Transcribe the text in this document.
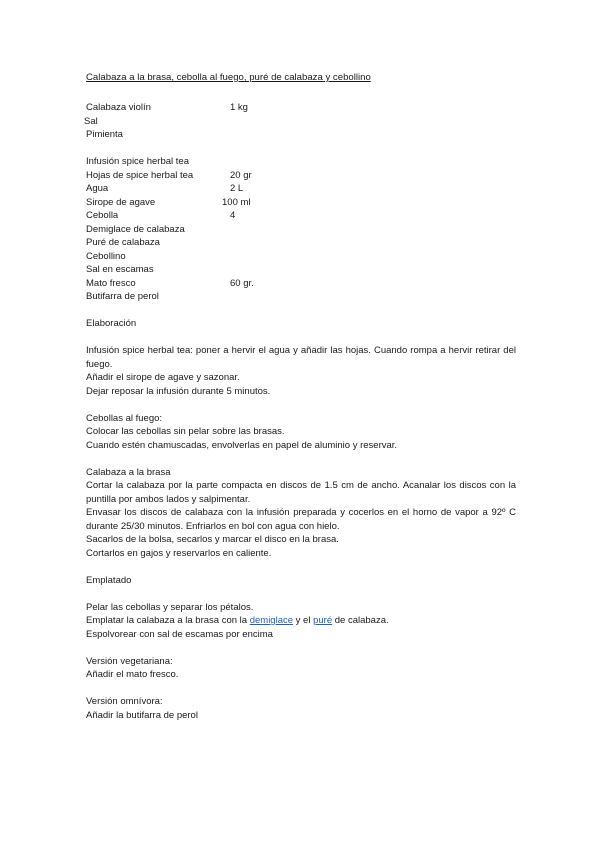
Calabaza a la brasa, cebolla al fuego, puré de calabaza y cebollino
Calabaza violín	1 kg
Sal
Pimienta
Infusión spice herbal tea
Hojas de spice herbal tea	20 gr
Agua	2 L
Sirope de agave	100 ml
Cebolla	4
Demiglace de calabaza
Puré de calabaza
Cebollino
Sal en escamas
Mato fresco	60 gr.
Butifarra de perol
Elaboración
Infusión spice herbal tea: poner a hervir el agua y añadir las hojas. Cuando rompa a hervir retirar del fuego.
Añadir el sirope de agave y sazonar.
Dejar reposar la infusión durante 5 minutos.
Cebollas al fuego:
Colocar las cebollas sin pelar sobre las brasas.
Cuando estén chamuscadas, envolverlas en papel de aluminio y reservar.
Calabaza a la brasa
Cortar la calabaza por la parte compacta en discos de 1.5 cm de ancho. Acanalar los discos con la puntilla por ambos lados y salpimentar.
Envasar los discos de calabaza con la infusión preparada y cocerlos en el horno de vapor a 92º C durante 25/30 minutos. Enfriarlos en bol con agua con hielo.
Sacarlos de la bolsa, secarlos y marcar el disco en la brasa.
Cortarlos en gajos y reservarlos en caliente.
Emplatado
Pelar las cebollas y separar los pétalos.
Emplatar la calabaza a la brasa con la demiglace y el puré de calabaza.
Espolvorear con sal de escamas por encima
Versión vegetariana:
Añadir el mato fresco.
Versión omnívora:
Añadir la butifarra de perol
